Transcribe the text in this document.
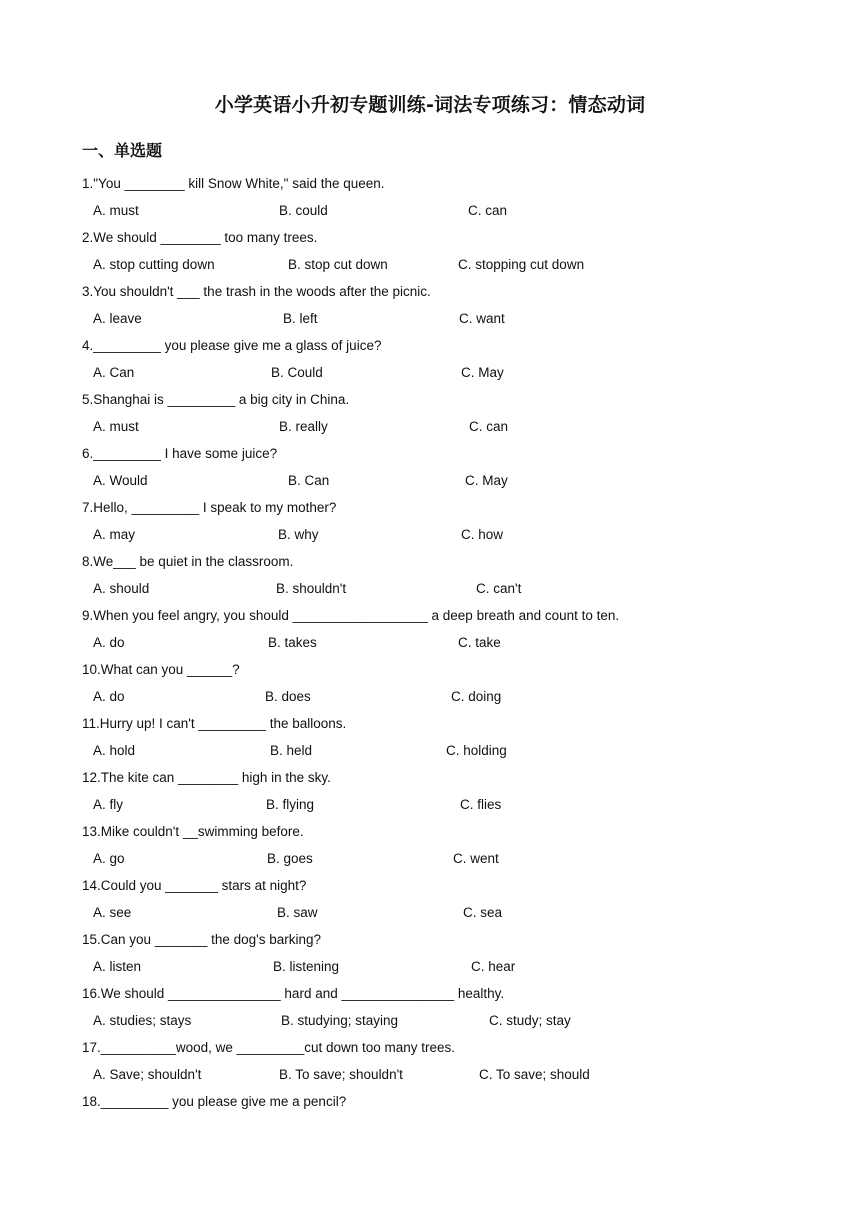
小学英语小升初专题训练-词法专项练习：情态动词
一、单选题
1."You ________ kill Snow White," said the queen.
A. must	B. could	C. can
2.We should ________ too many trees.
A. stop cutting down	B. stop cut down	C. stopping cut down
3.You shouldn't ___ the trash in the woods after the picnic.
A. leave	B. left	C. want
4._________ you please give me a glass of juice?
A. Can	B. Could	C. May
5.Shanghai is _________ a big city in China.
A. must	B. really	C. can
6._________ I have some juice?
A. Would	B. Can	C. May
7.Hello, _________ I speak to my mother?
A. may	B. why	C. how
8.We___ be quiet in the classroom.
A. should	B. shouldn't	C. can't
9.When you feel angry, you should __________________ a deep breath and count to ten.
A. do	B. takes	C. take
10.What can you ______?
A. do	B. does	C. doing
11.Hurry up! I can't _________ the balloons.
A. hold	B. held	C. holding
12.The kite can ________ high in the sky.
A. fly	B. flying	C. flies
13.Mike couldn't __swimming before.
A. go	B. goes	C. went
14.Could you _______ stars at night?
A. see	B. saw	C. sea
15.Can you _______ the dog's barking?
A. listen	B. listening	C. hear
16.We should _______________ hard and _______________ healthy.
A. studies; stays	B. studying; staying	C. study; stay
17.__________wood, we _________cut down too many trees.
A. Save; shouldn't	B. To save; shouldn't	C. To save; should
18._________ you please give me a pencil?
